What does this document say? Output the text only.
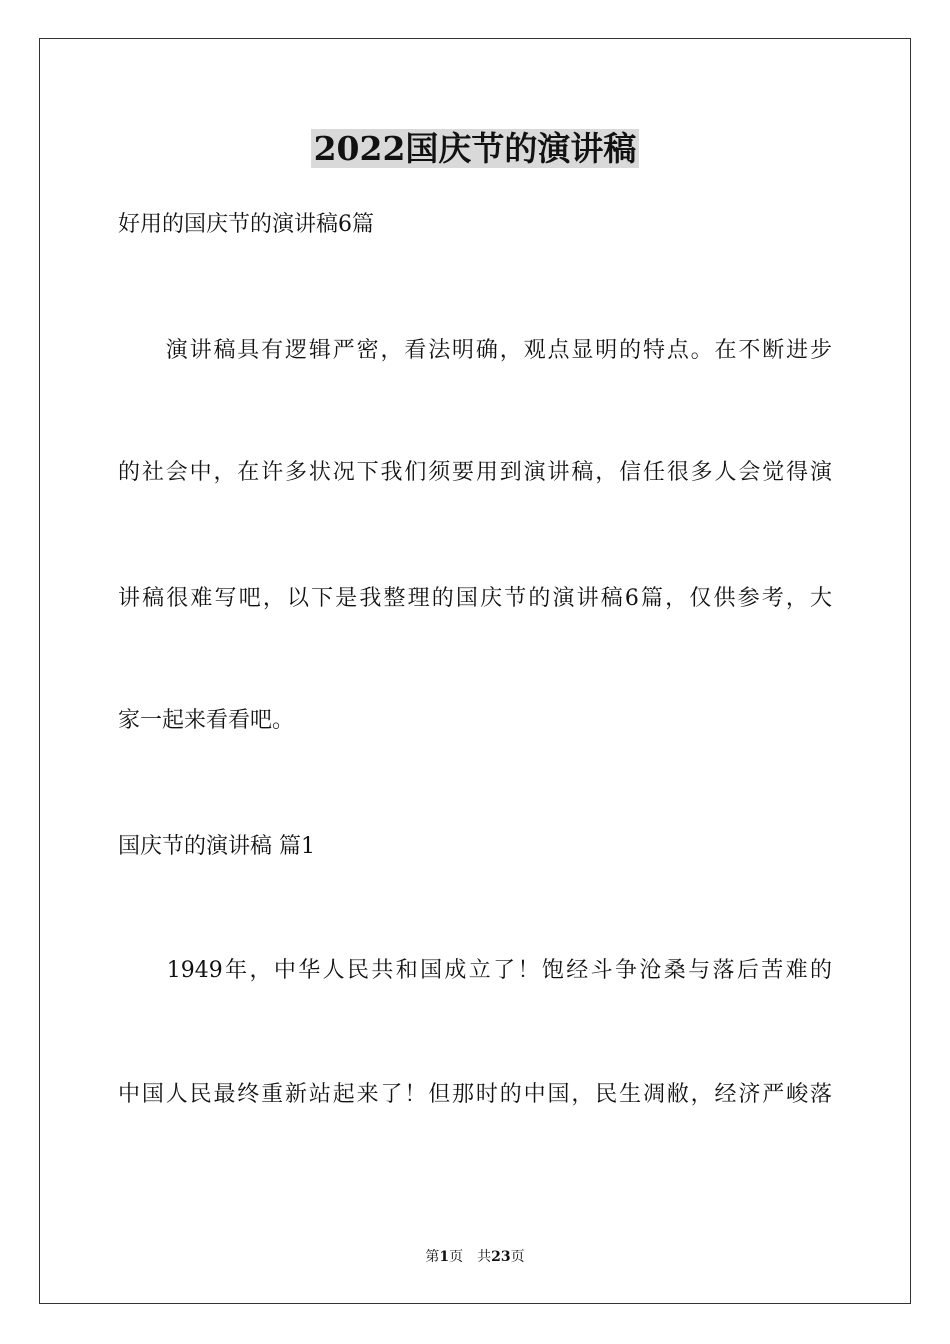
2022国庆节的演讲稿
好用的国庆节的演讲稿6篇
　　演讲稿具有逻辑严密，看法明确，观点显明的特点。在不断进步
的社会中，在许多状况下我们须要用到演讲稿，信任很多人会觉得演
讲稿很难写吧，以下是我整理的国庆节的演讲稿6篇，仅供参考，大
家一起来看看吧。
国庆节的演讲稿 篇1
　　1949年，中华人民共和国成立了！饱经斗争沧桑与落后苦难的
中国人民最终重新站起来了！但那时的中国，民生凋敝，经济严峻落
第1页  共23页
